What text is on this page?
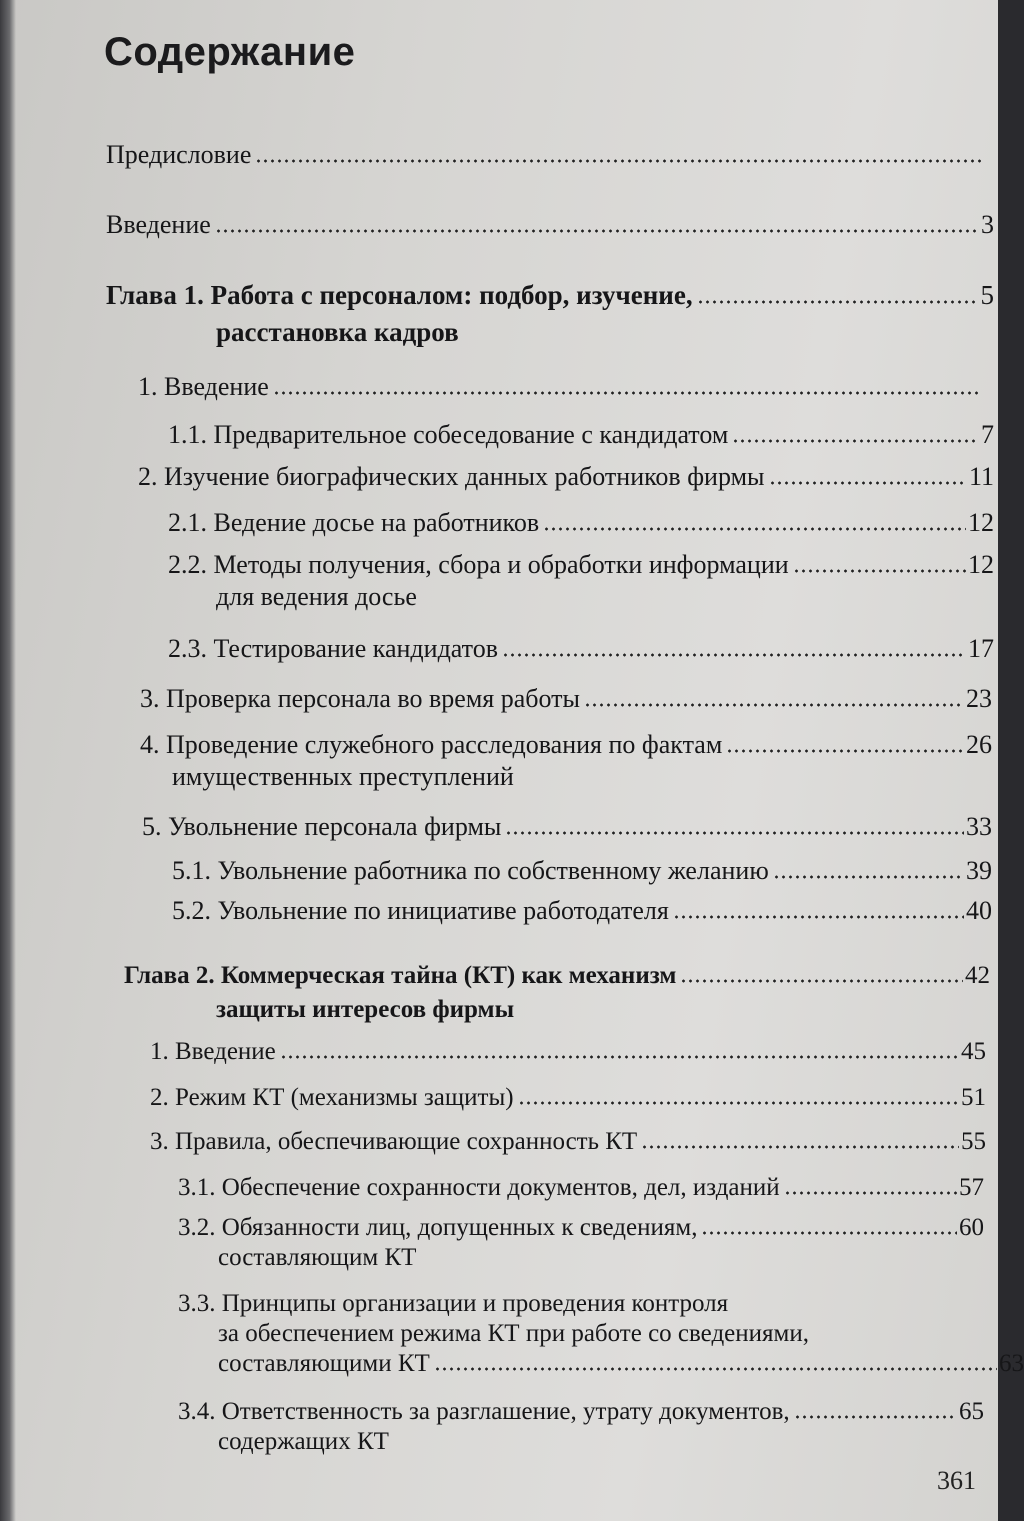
Содержание
Предисловие
Введение	3
Глава 1. Работа с персоналом: подбор, изучение,	5
расстановка кадров
1. Введение
1.1. Предварительное собеседование с кандидатом	7
2. Изучение биографических данных работников фирмы	11
2.1. Ведение досье на работников	12
2.2. Методы получения, сбора и обработки информации	12
для ведения досье
2.3. Тестирование кандидатов	17
3. Проверка персонала во время работы	23
4. Проведение служебного расследования по фактам	26
имущественных преступлений
5. Увольнение персонала фирмы	33
5.1. Увольнение работника по собственному желанию	39
5.2. Увольнение по инициативе работодателя	40
Глава 2. Коммерческая тайна (КТ) как механизм	42
защиты интересов фирмы
1. Введение	45
2. Режим КТ (механизмы защиты)	51
3. Правила, обеспечивающие сохранность КТ	55
3.1. Обеспечение сохранности документов, дел, изданий	57
3.2. Обязанности лиц, допущенных к сведениям,	60
составляющим КТ
3.3. Принципы организации и проведения контроля
за обеспечением режима КТ при работе со сведениями,
составляющими КТ	63
3.4. Ответственность за разглашение, утрату документов,	65
содержащих КТ
361
